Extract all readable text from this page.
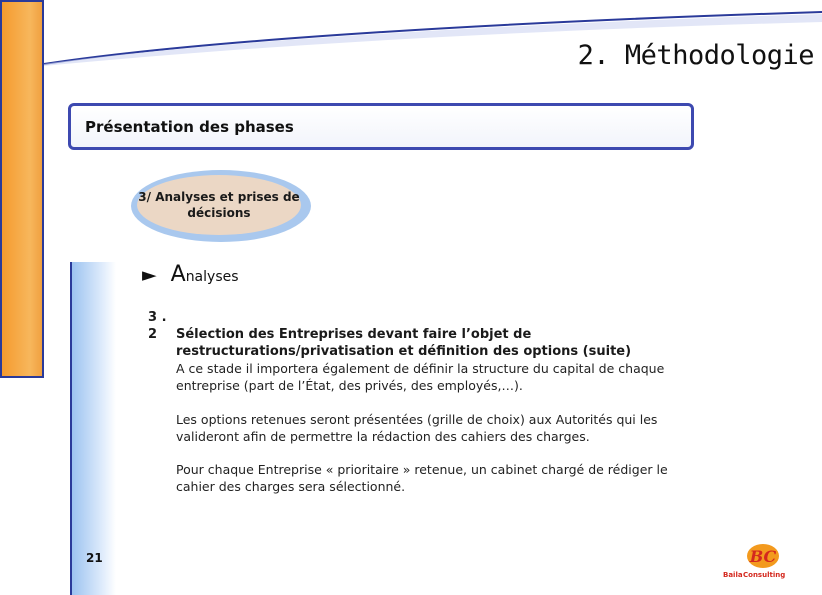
2. Méthodologie
Présentation des phases
3/ Analyses et prises de décisions
► Analyses
3 . 2 Sélection des Entreprises devant faire l’objet de
restructurations/privatisation et définition des options (suite)
A ce stade il importera également de définir la structure du capital de chaque entreprise (part de l’État, des privés, des employés,…).
Les options retenues seront présentées (grille de choix) aux Autorités qui les valideront afin de permettre la rédaction des cahiers des charges.
Pour chaque Entreprise « prioritaire » retenue, un cabinet chargé de rédiger le cahier des charges sera sélectionné.
21	BC
Baila Consulting
